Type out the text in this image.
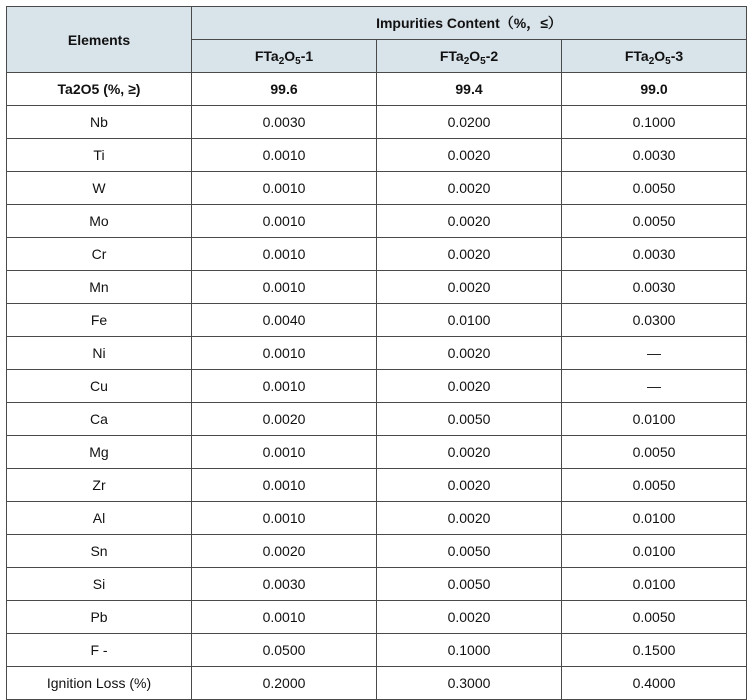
Elements	Impurities Content（%，≤）		
	$FTa_2O_5-1$	$FTa_2O_5-2$	$FTa_2O_5-3$
Ta2O5 (%, ≥)	99.6	99.4	99.0
Nb	0.0030	0.0200	0.1000
Ti	0.0010	0.0020	0.0030
W	0.0010	0.0020	0.0050
Mo	0.0010	0.0020	0.0050
Cr	0.0010	0.0020	0.0030
Mn	0.0010	0.0020	0.0030
Fe	0.0040	0.0100	0.0300
Ni	0.0010	0.0020	—
Cu	0.0010	0.0020	—
Ca	0.0020	0.0050	0.0100
Mg	0.0010	0.0020	0.0050
Zr	0.0010	0.0020	0.0050
Al	0.0010	0.0020	0.0100
Sn	0.0020	0.0050	0.0100
Si	0.0030	0.0050	0.0100
Pb	0.0010	0.0020	0.0050
F -	0.0500	0.1000	0.1500
Ignition Loss (%)	0.2000	0.3000	0.4000
